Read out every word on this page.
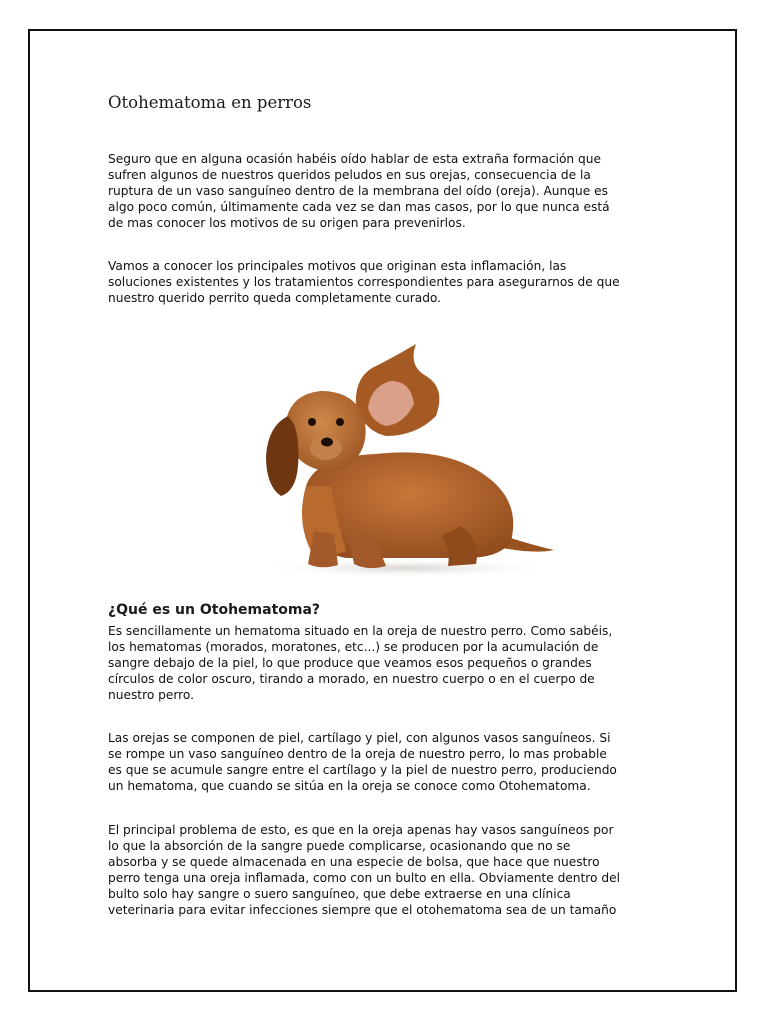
Otohematoma en perros

Seguro que en alguna ocasión habéis oído hablar de esta extraña formación que
sufren algunos de nuestros queridos peludos en sus orejas, consecuencia de la
ruptura de un vaso sanguíneo dentro de la membrana del oído (oreja). Aunque es
algo poco común, últimamente cada vez se dan mas casos, por lo que nunca está
de mas conocer los motivos de su origen para prevenirlos.

Vamos a conocer los principales motivos que originan esta inflamación, las
soluciones existentes y los tratamientos correspondientes para asegurarnos de que
nuestro querido perrito queda completamente curado.

¿Qué es un Otohematoma?

Es sencillamente un hematoma situado en la oreja de nuestro perro. Como sabéis,
los hematomas (morados, moratones, etc...) se producen por la acumulación de
sangre debajo de la piel, lo que produce que veamos esos pequeños o grandes
círculos de color oscuro, tirando a morado, en nuestro cuerpo o en el cuerpo de
nuestro perro.

Las orejas se componen de piel, cartílago y piel, con algunos vasos sanguíneos. Si
se rompe un vaso sanguíneo dentro de la oreja de nuestro perro, lo mas probable
es que se acumule sangre entre el cartílago y la piel de nuestro perro, produciendo
un hematoma, que cuando se sitúa en la oreja se conoce como Otohematoma.

El principal problema de esto, es que en la oreja apenas hay vasos sanguíneos por
lo que la absorción de la sangre puede complicarse, ocasionando que no se
absorba y se quede almacenada en una especie de bolsa, que hace que nuestro
perro tenga una oreja inflamada, como con un bulto en ella. Obviamente dentro del
bulto solo hay sangre o suero sanguíneo, que debe extraerse en una clínica
veterinaria para evitar infecciones siempre que el otohematoma sea de un tamaño
